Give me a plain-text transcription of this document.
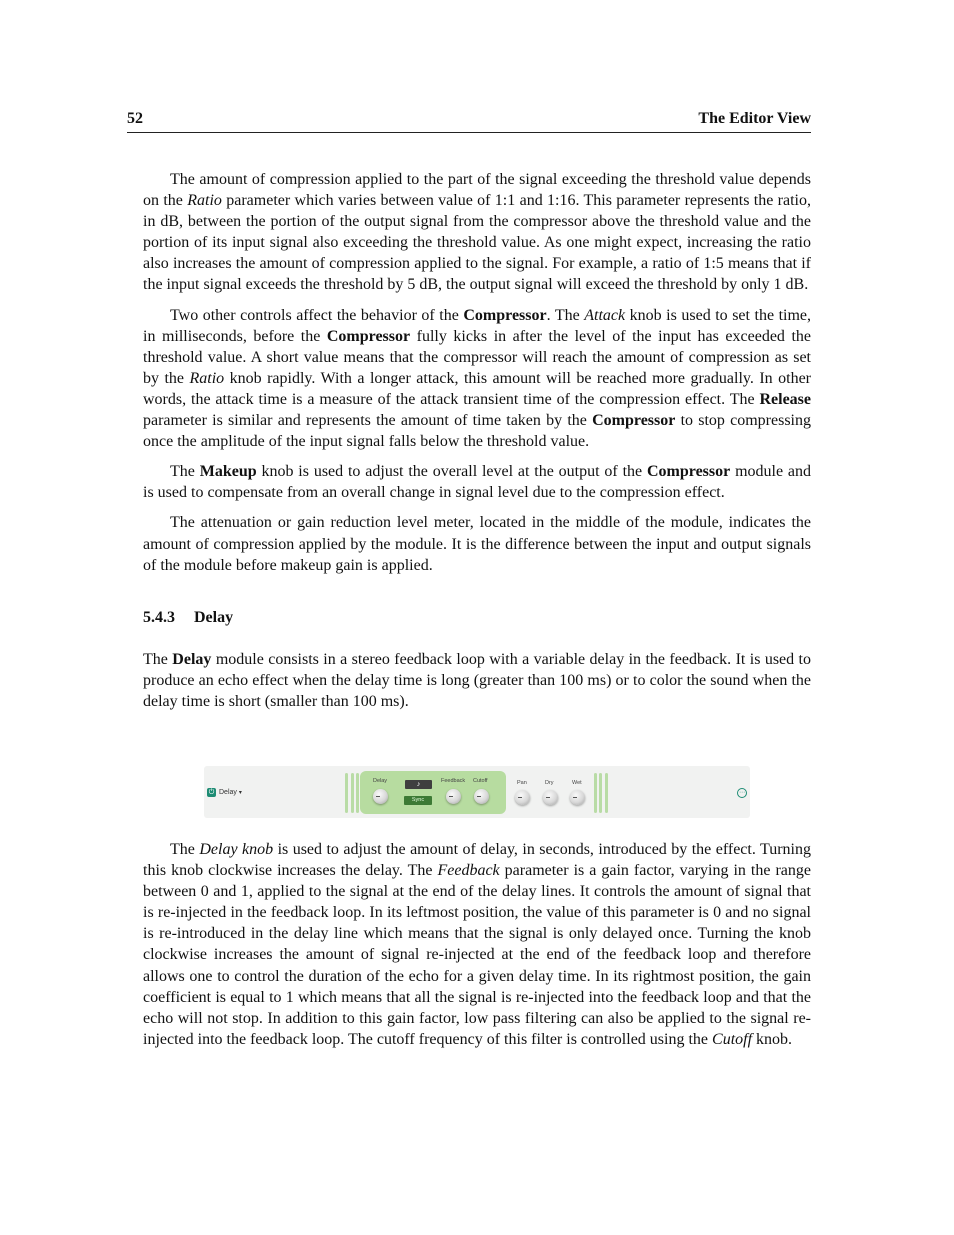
52	The Editor View

The amount of compression applied to the part of the signal exceeding the threshold value depends on the Ratio parameter which varies between value of 1:1 and 1:16. This parameter represents the ratio, in dB, between the portion of the output signal from the compressor above the threshold value and the portion of its input signal also exceeding the threshold value. As one might expect, increasing the ratio also increases the amount of compression applied to the signal. For example, a ratio of 1:5 means that if the input signal exceeds the threshold by 5 dB, the output signal will exceed the threshold by only 1 dB.

Two other controls affect the behavior of the Compressor. The Attack knob is used to set the time, in milliseconds, before the Compressor fully kicks in after the level of the input has exceeded the threshold value. A short value means that the compressor will reach the amount of compression as set by the Ratio knob rapidly. With a longer attack, this amount will be reached more gradually. In other words, the attack time is a measure of the attack transient time of the compression effect. The Release parameter is similar and represents the amount of time taken by the Compressor to stop compressing once the amplitude of the input signal falls below the threshold value.

The Makeup knob is used to adjust the overall level at the output of the Compressor module and is used to compensate from an overall change in signal level due to the compression effect.

The attenuation or gain reduction level meter, located in the middle of the module, indicates the amount of compression applied by the module. It is the difference between the input and output signals of the module before makeup gain is applied.

5.4.3 Delay

The Delay module consists in a stereo feedback loop with a variable delay in the feedback. It is used to produce an echo effect when the delay time is long (greater than 100 ms) or to color the sound when the delay time is short (smaller than 100 ms).

⏻ Delay ▾
Delay	♪
Sync
Feedback Cutoff	Pan	Dry	Wet
⋯

The Delay knob is used to adjust the amount of delay, in seconds, introduced by the effect. Turning this knob clockwise increases the delay. The Feedback parameter is a gain factor, varying in the range between 0 and 1, applied to the signal at the end of the delay lines. It controls the amount of signal that is re-injected in the feedback loop. In its leftmost position, the value of this parameter is 0 and no signal is re-introduced in the delay line which means that the signal is only delayed once. Turning the knob clockwise increases the amount of signal re-injected at the end of the feedback loop and therefore allows one to control the duration of the echo for a given delay time. In its rightmost position, the gain coefficient is equal to 1 which means that all the signal is re-injected into the feedback loop and that the echo will not stop. In addition to this gain factor, low pass filtering can also be applied to the signal re-injected into the feedback loop. The cutoff frequency of this filter is controlled using the Cutoff knob.
